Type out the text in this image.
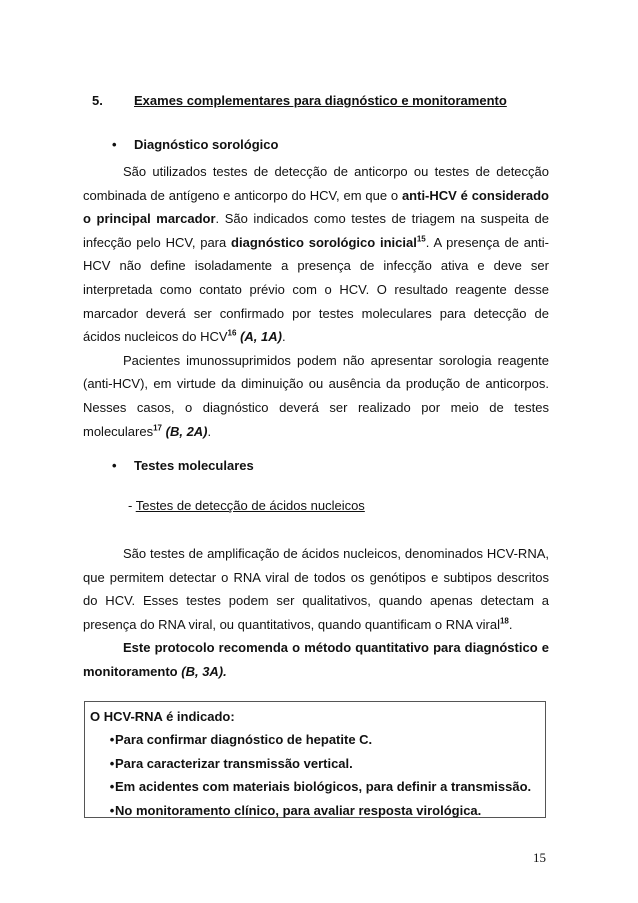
5. Exames complementares para diagnóstico e monitoramento
• Diagnóstico sorológico

São utilizados testes de detecção de anticorpo ou testes de detecção combinada de antígeno e anticorpo do HCV, em que o anti-HCV é considerado o principal marcador. São indicados como testes de triagem na suspeita de infecção pelo HCV, para diagnóstico sorológico inicial$^{15}$. A presença de anti-HCV não define isoladamente a presença de infecção ativa e deve ser interpretada como contato prévio com o HCV. O resultado reagente desse marcador deverá ser confirmado por testes moleculares para detecção de ácidos nucleicos do HCV$^{16}$ (A, 1A).

Pacientes imunossuprimidos podem não apresentar sorologia reagente (anti-HCV), em virtude da diminuição ou ausência da produção de anticorpos. Nesses casos, o diagnóstico deverá ser realizado por meio de testes moleculares$^{17}$ (B, 2A).

• Testes moleculares
- Testes de detecção de ácidos nucleicos

São testes de amplificação de ácidos nucleicos, denominados HCV-RNA, que permitem detectar o RNA viral de todos os genótipos e subtipos descritos do HCV. Esses testes podem ser qualitativos, quando apenas detectam a presença do RNA viral, ou quantitativos, quando quantificam o RNA viral$^{18}$.

Este protocolo recomenda o método quantitativo para diagnóstico e monitoramento (B, 3A).

O HCV-RNA é indicado:
•Para confirmar diagnóstico de hepatite C.
•Para caracterizar transmissão vertical.
•Em acidentes com materiais biológicos, para definir a transmissão.
•No monitoramento clínico, para avaliar resposta virológica.
15
